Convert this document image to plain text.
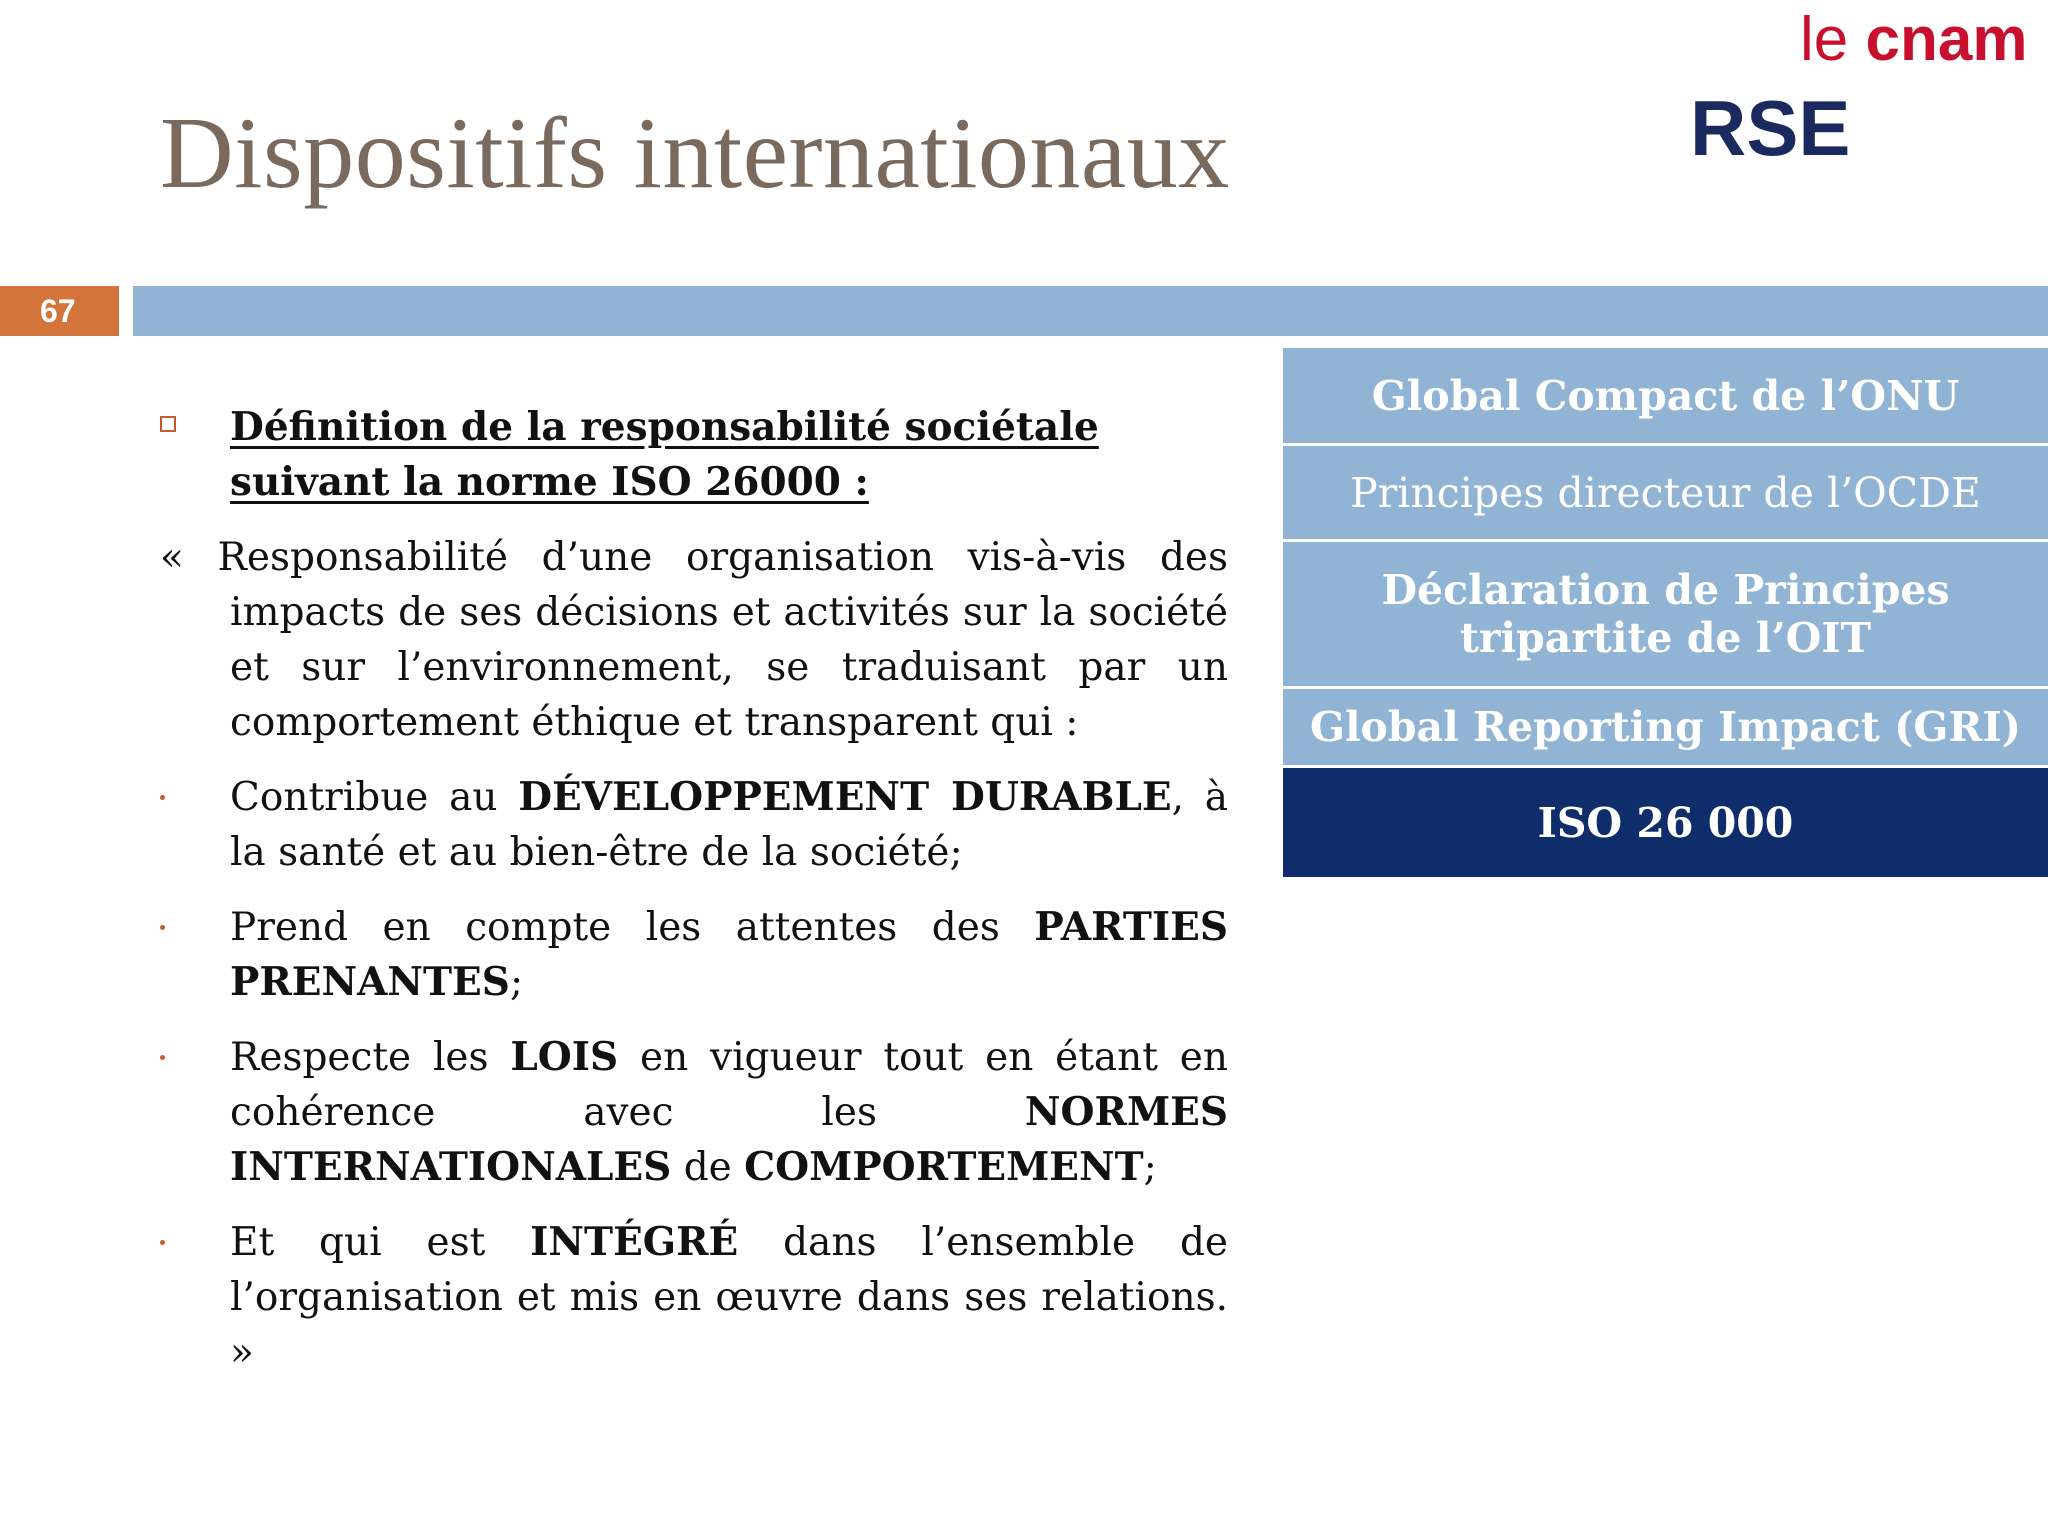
Dispositifs internationaux
le cnam
RSE
67
Définition de la responsabilité sociétale suivant la norme ISO 26000 :
« Responsabilité d’une organisation vis-à-vis des impacts de ses décisions et activités sur la société et sur l’environnement, se traduisant par un comportement éthique et transparent qui :
Contribue au DÉVELOPPEMENT DURABLE, à la santé et au bien-être de la société;
Prend en compte les attentes des PARTIES PRENANTES;
Respecte les LOIS en vigueur tout en étant en cohérence avec les NORMES INTERNATIONALES de COMPORTEMENT;
Et qui est INTÉGRÉ dans l’ensemble de l’organisation et mis en œuvre dans ses relations. »
Global Compact de l’ONU
Principes directeur de l’OCDE
Déclaration de Principes tripartite de l’OIT
Global Reporting Impact (GRI)
ISO 26 000
